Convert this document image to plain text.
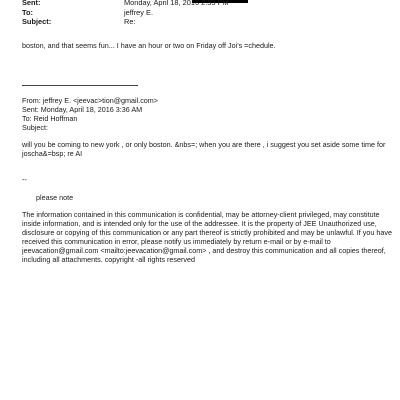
Sent:	Monday, April 18, 2016 2:33 PM
To:	jeffrey E.
Subject:	Re:
boston, and that seems fun... I have an hour or two on Friday off Joi's =chedule.
From: jeffrey E. <jeevac>tion@gmail.com>
Sent: Monday, April 18, 2016 3:36 AM
To: Reid Hoffman
Subject:
will you be coming to new york , or only boston. &nbs=; when you are there , i suggest you set aside some time for
joscha&=bsp; re AI
--
please note
The information contained in this communication is confidential, may be attorney-client privileged, may constitute
inside information, and is intended only for the use of the addressee. It is the property of JEE Unauthorized use,
disclosure or copying of this communication or any part thereof is strictly prohibited and may be unlawful. If you have
received this communication in error, please notify us immediately by return e-mail or by e-mail to
jeevacation@gmail.com <mailto:jeevacation@gmail.com> , and destroy this communication and all copies thereof,
including all attachments. copyright -all rights reserved
